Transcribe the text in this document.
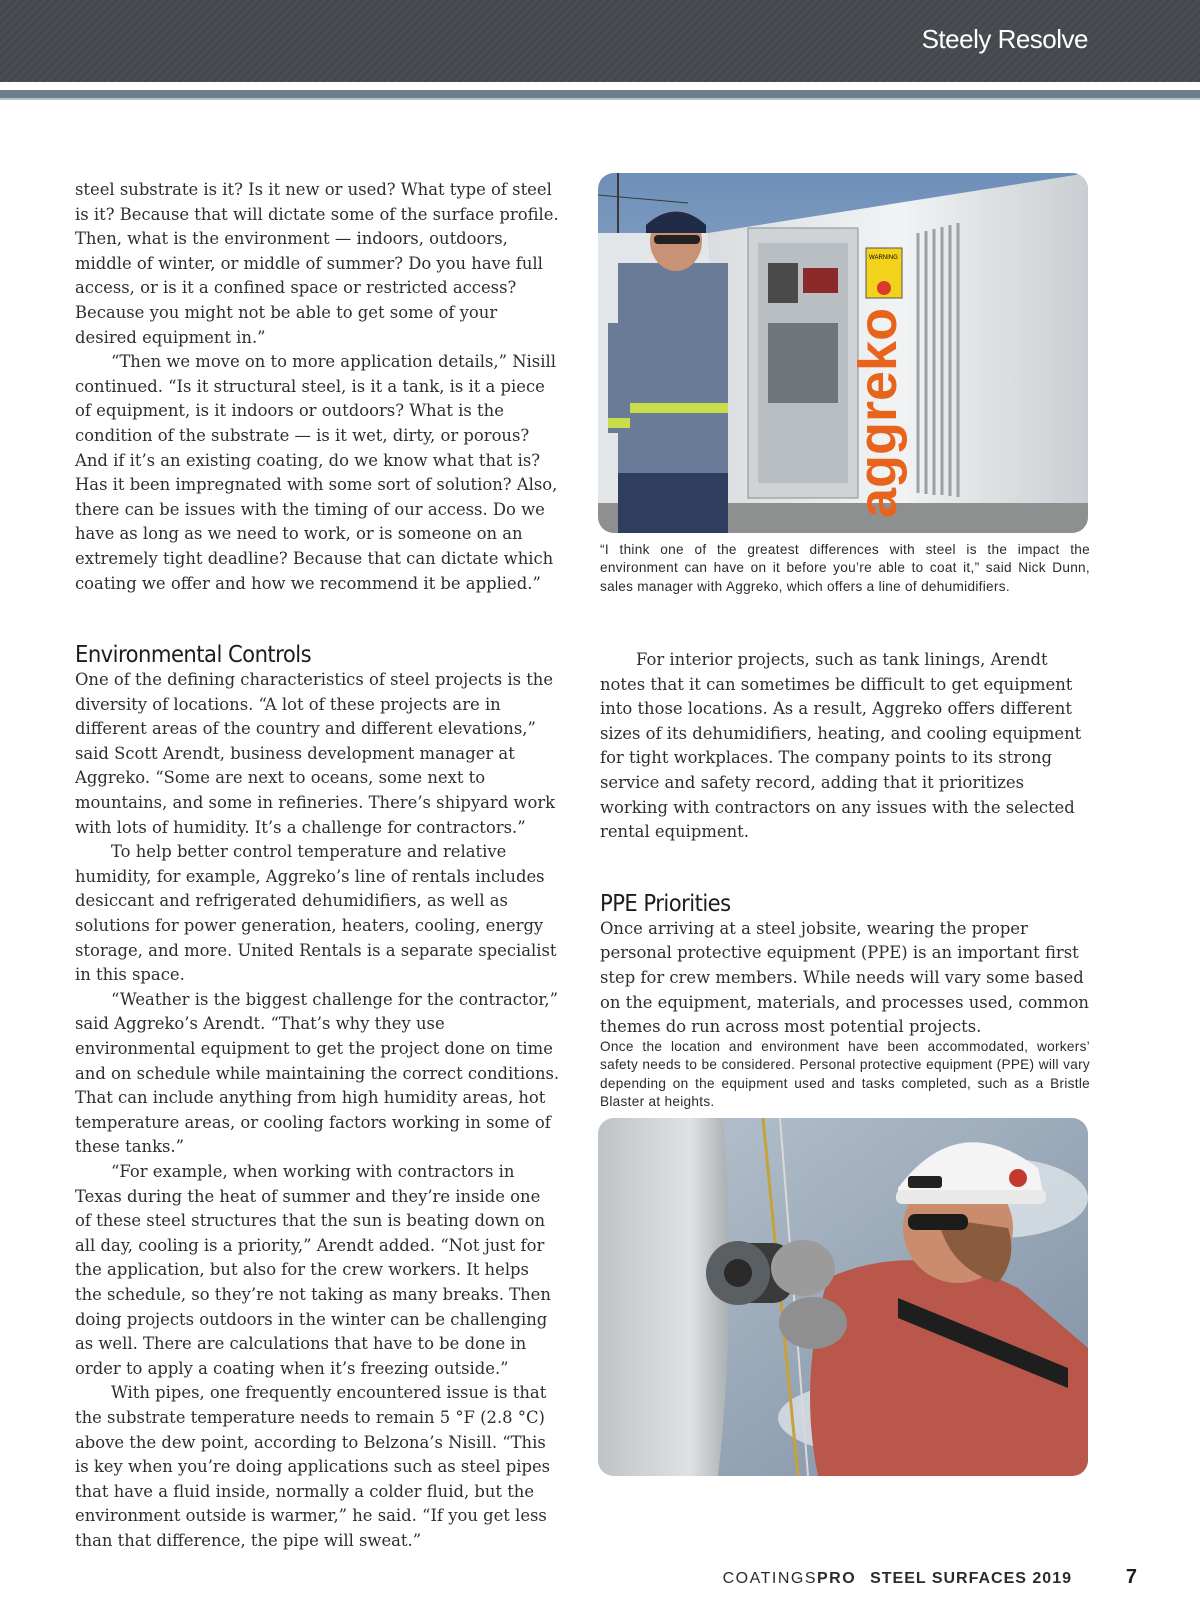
Steely Resolve

steel substrate is it? Is it new or used? What type of steel is it? Because that will dictate some of the surface profile. Then, what is the environment — indoors, outdoors, middle of winter, or middle of summer? Do you have full access, or is it a confined space or restricted access? Because you might not be able to get some of your desired equipment in.”

“Then we move on to more application details,” Nisill continued. “Is it structural steel, is it a tank, is it a piece of equipment, is it indoors or outdoors? What is the condition of the substrate — is it wet, dirty, or porous? And if it’s an existing coating, do we know what that is? Has it been impregnated with some sort of solution? Also, there can be issues with the timing of our access. Do we have as long as we need to work, or is someone on an extremely tight deadline? Because that can dictate which coating we offer and how we recommend it be applied.”

Environmental Controls

One of the defining characteristics of steel projects is the diversity of locations. “A lot of these projects are in different areas of the country and different elevations,” said Scott Arendt, business development manager at Aggreko. “Some are next to oceans, some next to mountains, and some in refineries. There’s shipyard work with lots of humidity. It’s a challenge for contractors.”

To help better control temperature and relative humidity, for example, Aggreko’s line of rentals includes desiccant and refrigerated dehumidifiers, as well as solutions for power generation, heaters, cooling, energy storage, and more. United Rentals is a separate specialist in this space.

“Weather is the biggest challenge for the contractor,” said Aggreko’s Arendt. “That’s why they use environmental equipment to get the project done on time and on schedule while maintaining the correct conditions. That can include anything from high humidity areas, hot temperature areas, or cooling factors working in some of these tanks.”

“For example, when working with contractors in Texas during the heat of summer and they’re inside one of these steel structures that the sun is beating down on all day, cooling is a priority,” Arendt added. “Not just for the application, but also for the crew workers. It helps the schedule, so they’re not taking as many breaks. Then doing projects outdoors in the winter can be challenging as well. There are calculations that have to be done in order to apply a coating when it’s freezing outside.”

With pipes, one frequently encountered issue is that the substrate temperature needs to remain 5 °F (2.8 °C) above the dew point, according to Belzona’s Nisill. “This is key when you’re doing applications such as steel pipes that have a fluid inside, normally a colder fluid, but the environment outside is warmer,” he said. “If you get less than that difference, the pipe will sweat.”

WARNING
aggreko
“I think one of the greatest differences with steel is the impact the environment can have on it before you’re able to coat it,” said Nick Dunn, sales manager with Aggreko, which offers a line of dehumidifiers.

For interior projects, such as tank linings, Arendt notes that it can sometimes be difficult to get equipment into those locations. As a result, Aggreko offers different sizes of its dehumidifiers, heating, and cooling equipment for tight workplaces. The company points to its strong service and safety record, adding that it prioritizes working with contractors on any issues with the selected rental equipment.

PPE Priorities

Once arriving at a steel jobsite, wearing the proper personal protective equipment (PPE) is an important first step for crew members. While needs will vary some based on the equipment, materials, and processes used, common themes do run across most potential projects.

Once the location and environment have been accommodated, workers’ safety needs to be considered. Personal protective equipment (PPE) will vary depending on the equipment used and tasks completed, such as a Bristle Blaster at heights.
COATINGSPRO STEEL SURFACES 2019	7
